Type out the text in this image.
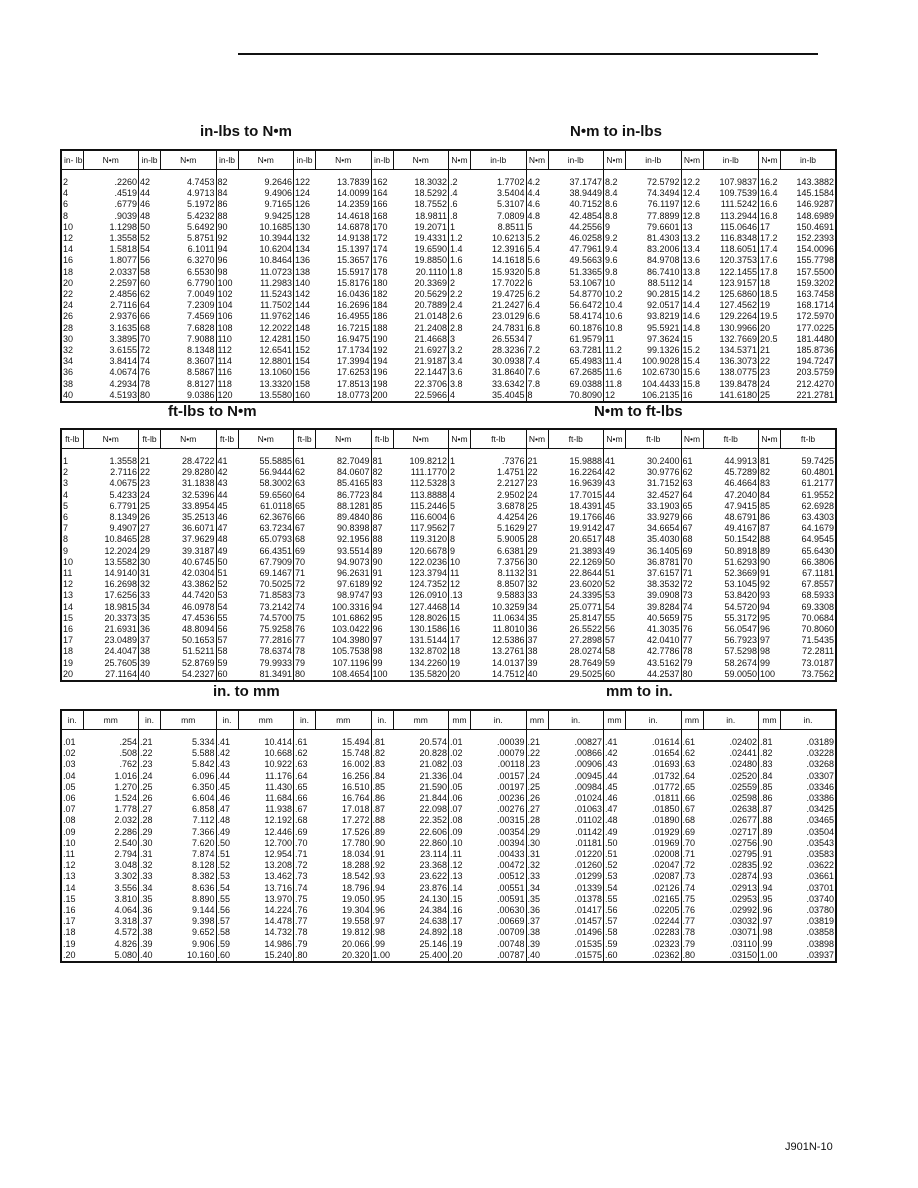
in-lbs to N•m	N•m to in-lbs
ft-lbs to N•m	N•m to ft-lbs
in. to mm	mm to in.
in- lb	N•m	in-lb	N•m	in-lb	N•m	in-lb	N•m	in-lb	N•m	N•m	in-lb	N•m	in-lb	N•m	in-lb	N•m	in-lb	N•m	in-lb

2	.2260	42	4.7453	82	9.2646	122	13.7839	162	18.3032	.2	1.7702	4.2	37.1747	8.2	72.5792	12.2	107.9837	16.2	143.3882
4	.4519	44	4.9713	84	9.4906	124	14.0099	164	18.5292	.4	3.5404	4.4	38.9449	8.4	74.3494	12.4	109.7539	16.4	145.1584
6	.6779	46	5.1972	86	9.7165	126	14.2359	166	18.7552	.6	5.3107	4.6	40.7152	8.6	76.1197	12.6	111.5242	16.6	146.9287
8	.9039	48	5.4232	88	9.9425	128	14.4618	168	18.9811	.8	7.0809	4.8	42.4854	8.8	77.8899	12.8	113.2944	16.8	148.6989
10	1.1298	50	5.6492	90	10.1685	130	14.6878	170	19.2071	1	8.8511	5	44.2556	9	79.6601	13	115.0646	17	150.4691
12	1.3558	52	5.8751	92	10.3944	132	14.9138	172	19.4331	1.2	10.6213	5.2	46.0258	9.2	81.4303	13.2	116.8348	17.2	152.2393
14	1.5818	54	6.1011	94	10.6204	134	15.1397	174	19.6590	1.4	12.3916	5.4	47.7961	9.4	83.2006	13.4	118.6051	17.4	154.0096
16	1.8077	56	6.3270	96	10.8464	136	15.3657	176	19.8850	1.6	14.1618	5.6	49.5663	9.6	84.9708	13.6	120.3753	17.6	155.7798
18	2.0337	58	6.5530	98	11.0723	138	15.5917	178	20.1110	1.8	15.9320	5.8	51.3365	9.8	86.7410	13.8	122.1455	17.8	157.5500
20	2.2597	60	6.7790	100	11.2983	140	15.8176	180	20.3369	2	17.7022	6	53.1067	10	88.5112	14	123.9157	18	159.3202
22	2.4856	62	7.0049	102	11.5243	142	16.0436	182	20.5629	2.2	19.4725	6.2	54.8770	10.2	90.2815	14.2	125.6860	18.5	163.7458
24	2.7116	64	7.2309	104	11.7502	144	16.2696	184	20.7889	2.4	21.2427	6.4	56.6472	10.4	92.0517	14.4	127.4562	19	168.1714
26	2.9376	66	7.4569	106	11.9762	146	16.4955	186	21.0148	2.6	23.0129	6.6	58.4174	10.6	93.8219	14.6	129.2264	19.5	172.5970
28	3.1635	68	7.6828	108	12.2022	148	16.7215	188	21.2408	2.8	24.7831	6.8	60.1876	10.8	95.5921	14.8	130.9966	20	177.0225
30	3.3895	70	7.9088	110	12.4281	150	16.9475	190	21.4668	3	26.5534	7	61.9579	11	97.3624	15	132.7669	20.5	181.4480
32	3.6155	72	8.1348	112	12.6541	152	17.1734	192	21.6927	3.2	28.3236	7.2	63.7281	11.2	99.1326	15.2	134.5371	21	185.8736
34	3.8414	74	8.3607	114	12.8801	154	17.3994	194	21.9187	3.4	30.0938	7.4	65.4983	11.4	100.9028	15.4	136.3073	22	194.7247
36	4.0674	76	8.5867	116	13.1060	156	17.6253	196	22.1447	3.6	31.8640	7.6	67.2685	11.6	102.6730	15.6	138.0775	23	203.5759
38	4.2934	78	8.8127	118	13.3320	158	17.8513	198	22.3706	3.8	33.6342	7.8	69.0388	11.8	104.4433	15.8	139.8478	24	212.4270
40	4.5193	80	9.0386	120	13.5580	160	18.0773	200	22.5966	4	35.4045	8	70.8090	12	106.2135	16	141.6180	25	221.2781
ft-lb	N•m	ft-lb	N•m	ft-lb	N•m	ft-lb	N•m	ft-lb	N•m	N•m	ft-lb	N•m	ft-lb	N•m	ft-lb	N•m	ft-lb	N•m	ft-lb

1	1.3558	21	28.4722	41	55.5885	61	82.7049	81	109.8212	1	.7376	21	15.9888	41	30.2400	61	44.9913	81	59.7425
2	2.7116	22	29.8280	42	56.9444	62	84.0607	82	111.1770	2	1.4751	22	16.2264	42	30.9776	62	45.7289	82	60.4801
3	4.0675	23	31.1838	43	58.3002	63	85.4165	83	112.5328	3	2.2127	23	16.9639	43	31.7152	63	46.4664	83	61.2177
4	5.4233	24	32.5396	44	59.6560	64	86.7723	84	113.8888	4	2.9502	24	17.7015	44	32.4527	64	47.2040	84	61.9552
5	6.7791	25	33.8954	45	61.0118	65	88.1281	85	115.2446	5	3.6878	25	18.4391	45	33.1903	65	47.9415	85	62.6928
6	8.1349	26	35.2513	46	62.3676	66	89.4840	86	116.6004	6	4.4254	26	19.1766	46	33.9279	66	48.6791	86	63.4303
7	9.4907	27	36.6071	47	63.7234	67	90.8398	87	117.9562	7	5.1629	27	19.9142	47	34.6654	67	49.4167	87	64.1679
8	10.8465	28	37.9629	48	65.0793	68	92.1956	88	119.3120	8	5.9005	28	20.6517	48	35.4030	68	50.1542	88	64.9545
9	12.2024	29	39.3187	49	66.4351	69	93.5514	89	120.6678	9	6.6381	29	21.3893	49	36.1405	69	50.8918	89	65.6430
10	13.5582	30	40.6745	50	67.7909	70	94.9073	90	122.0236	10	7.3756	30	22.1269	50	36.8781	70	51.6293	90	66.3806
11	14.9140	31	42.0304	51	69.1467	71	96.2631	91	123.3794	11	8.1132	31	22.8644	51	37.6157	71	52.3669	91	67.1181
12	16.2698	32	43.3862	52	70.5025	72	97.6189	92	124.7352	12	8.8507	32	23.6020	52	38.3532	72	53.1045	92	67.8557
13	17.6256	33	44.7420	53	71.8583	73	98.9747	93	126.0910	.13	9.5883	33	24.3395	53	39.0908	73	53.8420	93	68.5933
14	18.9815	34	46.0978	54	73.2142	74	100.3316	94	127.4468	14	10.3259	34	25.0771	54	39.8284	74	54.5720	94	69.3308
15	20.3373	35	47.4536	55	74.5700	75	101.6862	95	128.8026	15	11.0634	35	25.8147	55	40.5659	75	55.3172	95	70.0684
16	21.6931	36	48.8094	56	75.9258	76	103.0422	96	130.1586	16	11.8010	36	26.5522	56	41.3035	76	56.0547	96	70.8060
17	23.0489	37	50.1653	57	77.2816	77	104.3980	97	131.5144	17	12.5386	37	27.2898	57	42.0410	77	56.7923	97	71.5435
18	24.4047	38	51.5211	58	78.6374	78	105.7538	98	132.8702	18	13.2761	38	28.0274	58	42.7786	78	57.5298	98	72.2811
19	25.7605	39	52.8769	59	79.9933	79	107.1196	99	134.2260	19	14.0137	39	28.7649	59	43.5162	79	58.2674	99	73.0187
20	27.1164	40	54.2327	60	81.3491	80	108.4654	100	135.5820	20	14.7512	40	29.5025	60	44.2537	80	59.0050	100	73.7562
in.	mm	in.	mm	in.	mm	in.	mm	in.	mm	mm	in.	mm	in.	mm	in.	mm	in.	mm	in.

.01	.254	.21	5.334	.41	10.414	.61	15.494	.81	20.574	.01	.00039	.21	.00827	.41	.01614	.61	.02402	.81	.03189
.02	.508	.22	5.588	.42	10.668	.62	15.748	.82	20.828	.02	.00079	.22	.00866	.42	.01654	.62	.02441	.82	.03228
.03	.762	.23	5.842	.43	10.922	.63	16.002	.83	21.082	.03	.00118	.23	.00906	.43	.01693	.63	.02480	.83	.03268
.04	1.016	.24	6.096	.44	11.176	.64	16.256	.84	21.336	.04	.00157	.24	.00945	.44	.01732	.64	.02520	.84	.03307
.05	1.270	.25	6.350	.45	11.430	.65	16.510	.85	21.590	.05	.00197	.25	.00984	.45	.01772	.65	.02559	.85	.03346
.06	1.524	.26	6.604	.46	11.684	.66	16.764	.86	21.844	.06	.00236	.26	.01024	.46	.01811	.66	.02598	.86	.03386
.07	1.778	.27	6.858	.47	11.938	.67	17.018	.87	22.098	.07	.00276	.27	.01063	.47	.01850	.67	.02638	.87	.03425
.08	2.032	.28	7.112	.48	12.192	.68	17.272	.88	22.352	.08	.00315	.28	.01102	.48	.01890	.68	.02677	.88	.03465
.09	2.286	.29	7.366	.49	12.446	.69	17.526	.89	22.606	.09	.00354	.29	.01142	.49	.01929	.69	.02717	.89	.03504
.10	2.540	.30	7.620	.50	12.700	.70	17.780	.90	22.860	.10	.00394	.30	.01181	.50	.01969	.70	.02756	.90	.03543
.11	2.794	.31	7.874	.51	12.954	.71	18.034	.91	23.114	.11	.00433	.31	.01220	.51	.02008	.71	.02795	.91	.03583
.12	3.048	.32	8.128	.52	13.208	.72	18.288	.92	23.368	.12	.00472	.32	.01260	.52	.02047	.72	.02835	.92	.03622
.13	3.302	.33	8.382	.53	13.462	.73	18.542	.93	23.622	.13	.00512	.33	.01299	.53	.02087	.73	.02874	.93	.03661
.14	3.556	.34	8.636	.54	13.716	.74	18.796	.94	23.876	.14	.00551	.34	.01339	.54	.02126	.74	.02913	.94	.03701
.15	3.810	.35	8.890	.55	13.970	.75	19.050	.95	24.130	.15	.00591	.35	.01378	.55	.02165	.75	.02953	.95	.03740
.16	4.064	.36	9.144	.56	14.224	.76	19.304	.96	24.384	.16	.00630	.36	.01417	.56	.02205	.76	.02992	.96	.03780
.17	3.318	.37	9.398	.57	14.478	.77	19.558	.97	24.638	.17	.00669	.37	.01457	.57	.02244	.77	.03032	.97	.03819
.18	4.572	.38	9.652	.58	14.732	.78	19.812	.98	24.892	.18	.00709	.38	.01496	.58	.02283	.78	.03071	.98	.03858
.19	4.826	.39	9.906	.59	14.986	.79	20.066	.99	25.146	.19	.00748	.39	.01535	.59	.02323	.79	.03110	.99	.03898
.20	5.080	.40	10.160	.60	15.240	.80	20.320	1.00	25.400	.20	.00787	.40	.01575	.60	.02362	.80	.03150	1.00	.03937
J901N-10
